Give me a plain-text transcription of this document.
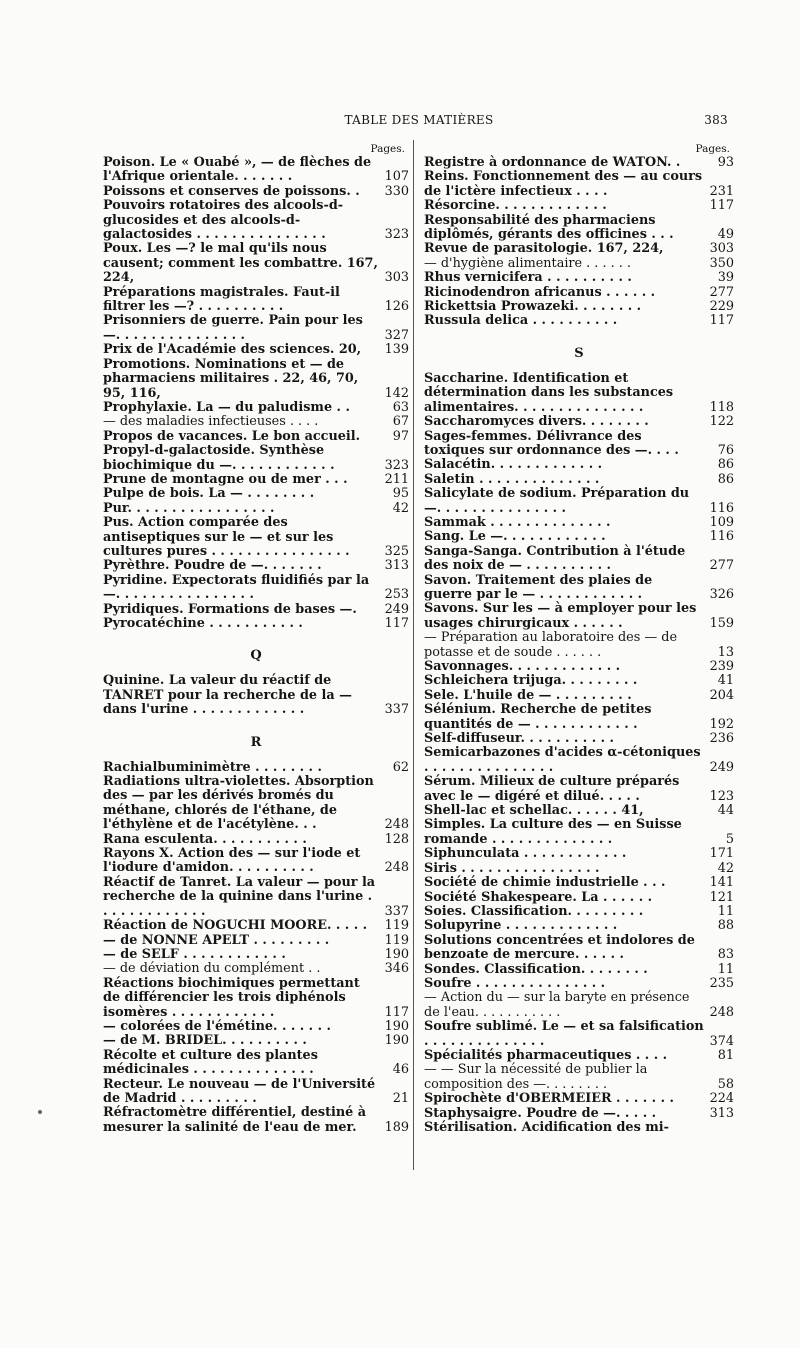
TABLE DES MATIÈRES	383
Pages.
Poison. Le « Ouabé », — de flèches de l'Afrique orientale. . . . . . .	107
Poissons et conserves de poissons. .	330
Pouvoirs rotatoires des alcools-d-glucosides et des alcools-d-galactosides . . . . . . . . . . . . . . .	323
Poux. Les —? le mal qu'ils nous causent; comment les combattre. 167, 224,	303
Préparations magistrales. Faut-il filtrer les —? . . . . . . . . . .	126
Prisonniers de guerre. Pain pour les —. . . . . . . . . . . . . . .	327
Prix de l'Académie des sciences. 20,	139
Promotions. Nominations et — de pharmaciens militaires . 22, 46, 70, 95, 116,	142
Prophylaxie. La — du paludisme . .	63
— des maladies infectieuses . . . .	67
Propos de vacances. Le bon accueil.	97
Propyl-d-galactoside. Synthèse biochimique du —. . . . . . . . . . . .	323
Prune de montagne ou de mer . . .	211
Pulpe de bois. La — . . . . . . . .	95
Pur. . . . . . . . . . . . . . . . .	42
Pus. Action comparée des antiseptiques sur le — et sur les cultures pures . . . . . . . . . . . . . . . .	325
Pyrèthre. Poudre de —. . . . . . .	313
Pyridine. Expectorats fluidifiés par la —. . . . . . . . . . . . . . . .	253
Pyridiques. Formations de bases —.	249
Pyrocatéchine . . . . . . . . . . .	117
Q
Quinine. La valeur du réactif de TANRET pour la recherche de la — dans l'urine . . . . . . . . . . . . .	337
R
Rachialbuminimètre . . . . . . . .	62
Radiations ultra-violettes. Absorption des — par les dérivés bromés du méthane, chlorés de l'éthane, de l'éthylène et de l'acétylène. . .	248
Rana esculenta. . . . . . . . . . .	128
Rayons X. Action des — sur l'iode et l'iodure d'amidon. . . . . . . . . .	248
Réactif de Tanret. La valeur — pour la recherche de la quinine dans l'urine . . . . . . . . . . . . .	337
Réaction de NOGUCHI MOORE. . . . .	119
— de NONNE APELT . . . . . . . . .	119
— de SELF . . . . . . . . . . . .	190
— de déviation du complément . .	346
Réactions biochimiques permettant de différencier les trois diphénols isomères . . . . . . . . . . . .	117
— colorées de l'émétine. . . . . . .	190
— de M. BRIDEL. . . . . . . . . .	190
Récolte et culture des plantes médicinales . . . . . . . . . . . . . .	46
Recteur. Le nouveau — de l'Université de Madrid . . . . . . . . .	21
Réfractomètre différentiel, destiné à mesurer la salinité de l'eau de mer.	189
Pages.
Registre à ordonnance de WATON. .	93
Reins. Fonctionnement des — au cours de l'ictère infectieux . . . .	231
Résorcine. . . . . . . . . . . . .	117
Responsabilité des pharmaciens diplômés, gérants des officines . . .	49
Revue de parasitologie. 167, 224,	303
— d'hygiène alimentaire . . . . . .	350
Rhus vernicifera . . . . . . . . . .	39
Ricinodendron africanus . . . . . .	277
Rickettsia Prowazeki. . . . . . . .	229
Russula delica . . . . . . . . . .	117
S
Saccharine. Identification et détermination dans les substances alimentaires. . . . . . . . . . . . . . .	118
Saccharomyces divers. . . . . . . .	122
Sages-femmes. Délivrance des toxiques sur ordonnance des —. . . .	76
Salacétin. . . . . . . . . . . . .	86
Saletin . . . . . . . . . . . . . .	86
Salicylate de sodium. Préparation du —. . . . . . . . . . . . . . .	116
Sammak . . . . . . . . . . . . . .	109
Sang. Le —. . . . . . . . . . . .	116
Sanga-Sanga. Contribution à l'étude des noix de — . . . . . . . . . .	277
Savon. Traitement des plaies de guerre par le — . . . . . . . . . . . .	326
Savons. Sur les — à employer pour les usages chirurgicaux . . . . . .	159
— Préparation au laboratoire des — de potasse et de soude . . . . . .	13
Savonnages. . . . . . . . . . . . .	239
Schleichera trijuga. . . . . . . . .	41
Sele. L'huile de — . . . . . . . . .	204
Sélénium. Recherche de petites quantités de — . . . . . . . . . . . .	192
Self-diffuseur. . . . . . . . . . .	236
Semicarbazones d'acides α-cétoniques . . . . . . . . . . . . . . .	249
Sérum. Milieux de culture préparés avec le — digéré et dilué. . . . .	123
Shell-lac et schellac. . . . . . 41,	44
Simples. La culture des — en Suisse romande . . . . . . . . . . . . . .	5
Siphunculata . . . . . . . . . . . .	171
Siris . . . . . . . . . . . . . . . .	42
Société de chimie industrielle . . .	141
Société Shakespeare. La . . . . . .	121
Soies. Classification. . . . . . . . .	11
Solupyrine . . . . . . . . . . . . .	88
Solutions concentrées et indolores de benzoate de mercure. . . . . .	83
Sondes. Classification. . . . . . . .	11
Soufre . . . . . . . . . . . . . . .	235
— Action du — sur la baryte en présence de l'eau. . . . . . . . . . .	248
Soufre sublimé. Le — et sa falsification . . . . . . . . . . . . . .	374
Spécialités pharmaceutiques . . . .	81
— — Sur la nécessité de publier la composition des —. . . . . . . .	58
Spirochète d'OBERMEIER . . . . . . .	224
Staphysaigre. Poudre de —. . . . .	313
Stérilisation. Acidification des mi-
